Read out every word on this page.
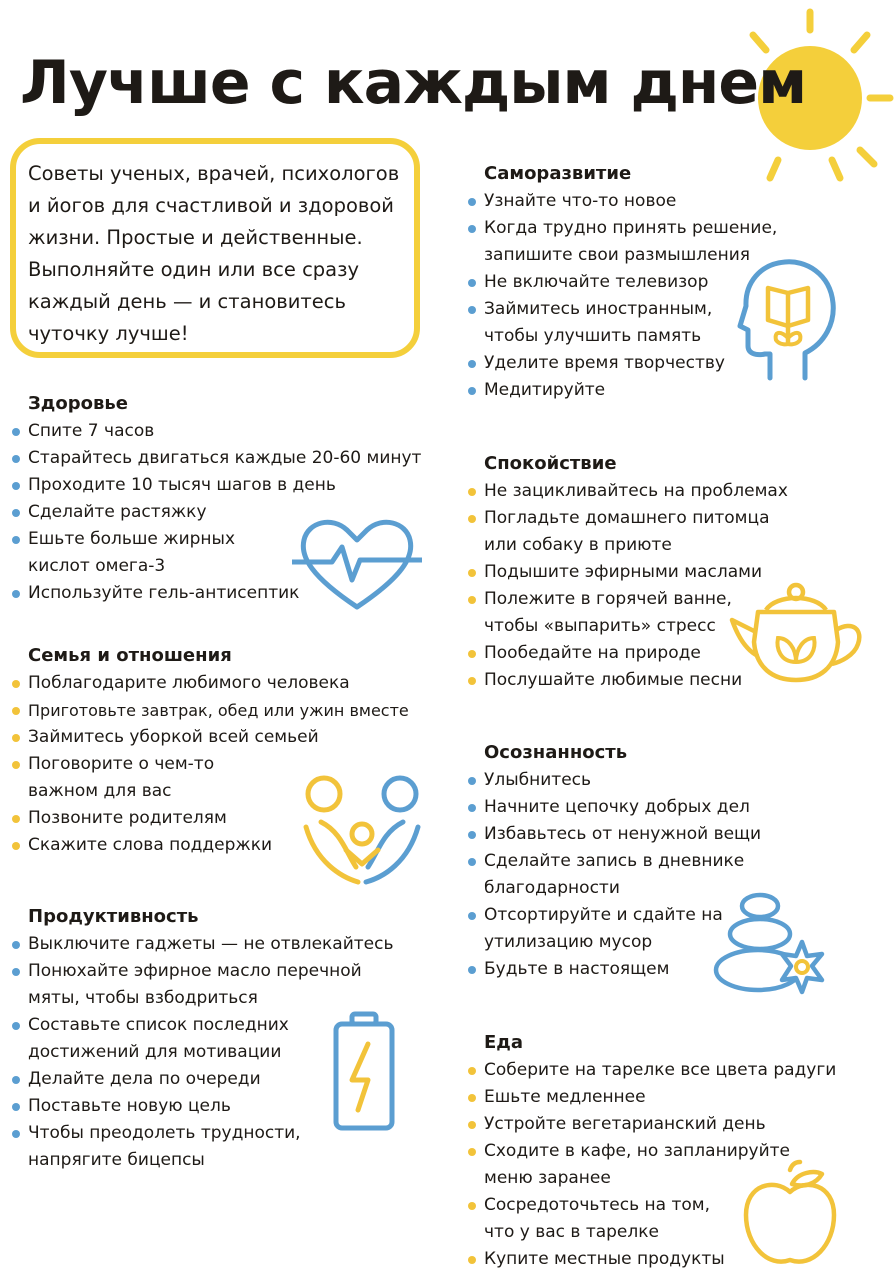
Лучше с каждым днем
Советы ученых, врачей, психологов и йогов для счастливой и здоровой жизни. Простые и действенные. Выполняйте один или все сразу каждый день — и становитесь чуточку лучше!
Здоровье
Спите 7 часов
Старайтесь двигаться каждые 20-60 минут
Проходите 10 тысяч шагов в день
Сделайте растяжку
Ешьте больше жирных кислот омега-3
Используйте гель-антисептик
Семья и отношения
Поблагодарите любимого человека
Приготовьте завтрак, обед или ужин вместе
Займитесь уборкой всей семьей
Поговорите о чем-то важном для вас
Позвоните родителям
Скажите слова поддержки
Продуктивность
Выключите гаджеты — не отвлекайтесь
Понюхайте эфирное масло перечной мяты, чтобы взбодриться
Составьте список последних достижений для мотивации
Делайте дела по очереди
Поставьте новую цель
Чтобы преодолеть трудности, напрягите бицепсы
Саморазвитие
Узнайте что-то новое
Когда трудно принять решение, запишите свои размышления
Не включайте телевизор
Займитесь иностранным, чтобы улучшить память
Уделите время творчеству
Медитируйте
Спокойствие
Не зацикливайтесь на проблемах
Погладьте домашнего питомца или собаку в приюте
Подышите эфирными маслами
Полежите в горячей ванне, чтобы «выпарить» стресс
Пообедайте на природе
Послушайте любимые песни
Осознанность
Улыбнитесь
Начните цепочку добрых дел
Избавьтесь от ненужной вещи
Сделайте запись в дневнике благодарности
Отсортируйте и сдайте на утилизацию мусор
Будьте в настоящем
Еда
Соберите на тарелке все цвета радуги
Ешьте медленнее
Устройте вегетарианский день
Сходите в кафе, но запланируйте меню заранее
Сосредоточьтесь на том, что у вас в тарелке
Купите местные продукты
